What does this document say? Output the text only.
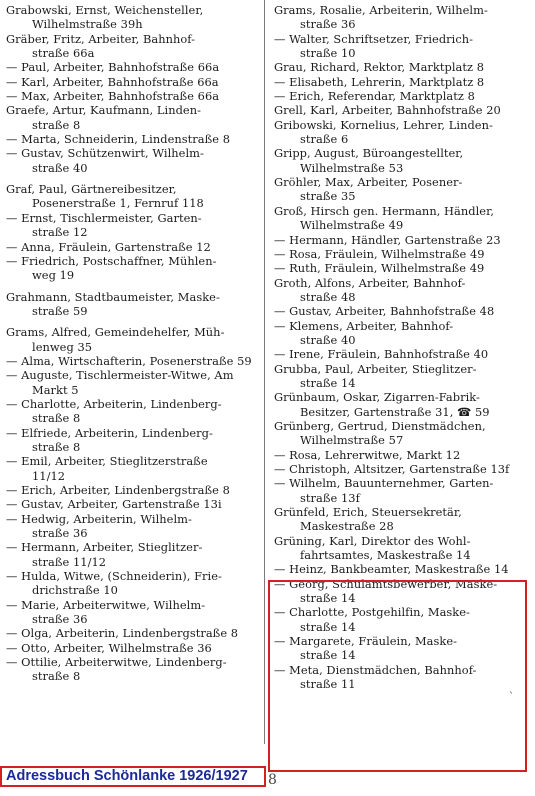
Grabowski, Ernst, Weichensteller,
Wilhelmstraße 39h
Gräber, Fritz, Arbeiter, Bahnhof-
straße 66a
— Paul, Arbeiter, Bahnhofstraße 66a
— Karl, Arbeiter, Bahnhofstraße 66a
— Max, Arbeiter, Bahnhofstraße 66a
Graefe, Artur, Kaufmann, Linden-
straße 8
— Marta, Schneiderin, Lindenstraße 8
— Gustav, Schützenwirt, Wilhelm-
straße 40
Graf, Paul, Gärtnereibesitzer,
Posenerstraße 1, Fernruf 118
— Ernst, Tischlermeister, Garten-
straße 12
— Anna, Fräulein, Gartenstraße 12
— Friedrich, Postschaffner, Mühlen-
weg 19
Grahmann, Stadtbaumeister, Maske-
straße 59
Grams, Alfred, Gemeindehelfer, Müh-
lenweg 35
— Alma, Wirtschafterin, Posenerstraße 59
— Auguste, Tischlermeister-Witwe, Am
Markt 5
— Charlotte, Arbeiterin, Lindenberg-
straße 8
— Elfriede, Arbeiterin, Lindenberg-
straße 8
— Emil, Arbeiter, Stieglitzerstraße
11/12
— Erich, Arbeiter, Lindenbergstraße 8
— Gustav, Arbeiter, Gartenstraße 13i
— Hedwig, Arbeiterin, Wilhelm-
straße 36
— Hermann, Arbeiter, Stieglitzer-
straße 11/12
— Hulda, Witwe, (Schneiderin), Frie-
drichstraße 10
— Marie, Arbeiterwitwe, Wilhelm-
straße 36
— Olga, Arbeiterin, Lindenbergstraße 8
— Otto, Arbeiter, Wilhelmstraße 36
— Ottilie, Arbeiterwitwe, Lindenberg-
straße 8
Grams, Rosalie, Arbeiterin, Wilhelm-
straße 36
— Walter, Schriftsetzer, Friedrich-
straße 10
Grau, Richard, Rektor, Marktplatz 8
— Elisabeth, Lehrerin, Marktplatz 8
— Erich, Referendar, Marktplatz 8
Grell, Karl, Arbeiter, Bahnhofstraße 20
Gribowski, Kornelius, Lehrer, Linden-
straße 6
Gripp, August, Büroangestellter,
Wilhelmstraße 53
Gröhler, Max, Arbeiter, Posener-
straße 35
Groß, Hirsch gen. Hermann, Händler,
Wilhelmstraße 49
— Hermann, Händler, Gartenstraße 23
— Rosa, Fräulein, Wilhelmstraße 49
— Ruth, Fräulein, Wilhelmstraße 49
Groth, Alfons, Arbeiter, Bahnhof-
straße 48
— Gustav, Arbeiter, Bahnhofstraße 48
— Klemens, Arbeiter, Bahnhof-
straße 40
— Irene, Fräulein, Bahnhofstraße 40
Grubba, Paul, Arbeiter, Stieglitzer-
straße 14
Grünbaum, Oskar, Zigarren-Fabrik-
Besitzer, Gartenstraße 31, ☎ 59
Grünberg, Gertrud, Dienstmädchen,
Wilhelmstraße 57
— Rosa, Lehrerwitwe, Markt 12
— Christoph, Altsitzer, Gartenstraße 13f
— Wilhelm, Bauunternehmer, Garten-
straße 13f
Grünfeld, Erich, Steuersekretär,
Maskestraße 28
Grüning, Karl, Direktor des Wohl-
fahrtsamtes, Maskestraße 14
— Heinz, Bankbeamter, Maskestraße 14
— Georg, Schulamtsbewerber, Maske-
straße 14
— Charlotte, Postgehilfin, Maske-
straße 14
— Margarete, Fräulein, Maske-
straße 14
— Meta, Dienstmädchen, Bahnhof-
straße 11
`
Adressbuch Schönlanke 1926/1927	8
